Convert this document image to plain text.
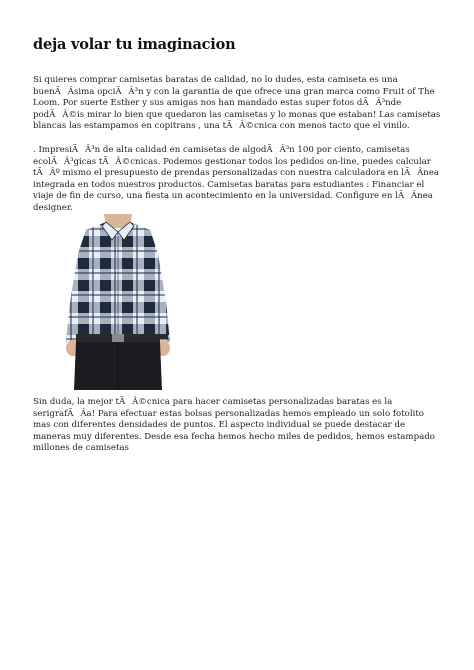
deja volar tu imaginacion

Si quieres comprar camisetas baratas de calidad, no lo dudes, esta camiseta es una buenÃÂsima opciÃÂ³n y con la garantia de que ofrece una gran marca como Fruit of The Loom. Por suerte Esther y sus amigas nos han mandado estas super fotos dÃÂ³nde podÃÂ©is mirar lo bien que quedaron las camisetas y lo monas que estaban! Las camisetas blancas las estampamos en copitrans , una tÃÂ©cnica con menos tacto que el vinilo.

. ImpresiÃÂ³n de alta calidad en camisetas de algodÃÂ³n 100 por ciento, camisetas ecolÃÂ³gicas tÃÂ©cnicas. Podemos gestionar todos los pedidos on-line, puedes calcular tÃÂº mismo el presupuesto de prendas personalizadas con nuestra calculadora en lÃÂnea integrada en todos nuestros productos. Camisetas baratas para estudiantes : Financiar el viaje de fin de curso, una fiesta un acontecimiento en la universidad. Configure en lÃÂnea designer.

Sin duda, la mejor tÃÂ©cnica para hacer camisetas personalizadas baratas es la serigrafÃÂa! Para efectuar estas bolsas personalizadas hemos empleado un solo fotolito mas con diferentes densidades de puntos. El aspecto individual se puede destacar de maneras muy diferentes. Desde esa fecha hemos hecho miles de pedidos, hemos estampado millones de camisetas
